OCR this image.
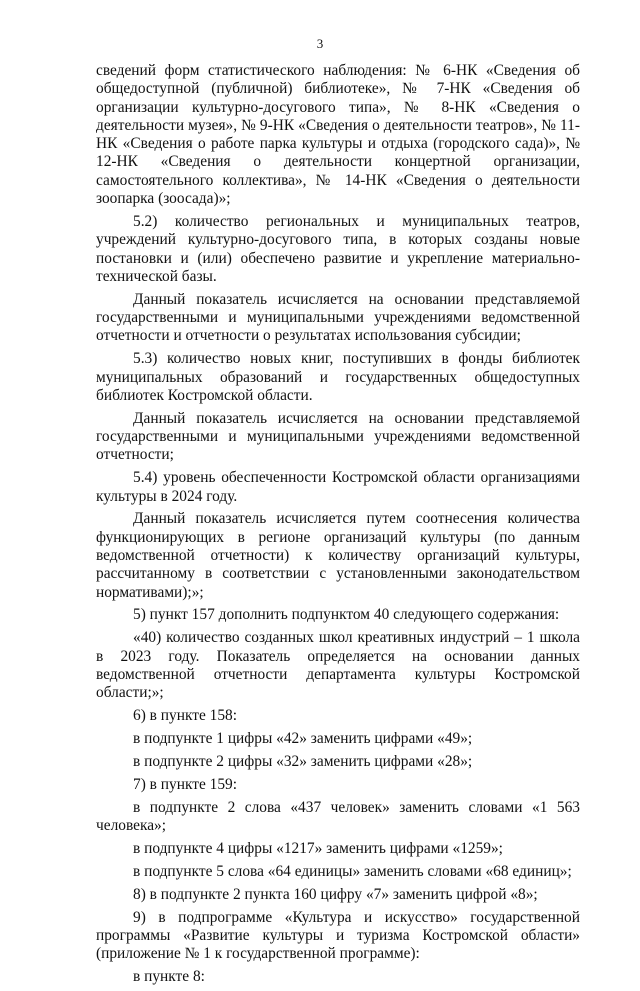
3

сведений форм статистического наблюдения: № 6-НК «Сведения об общедоступной (публичной) библиотеке», № 7-НК «Сведения об организации культурно-досугового типа», № 8-НК «Сведения о деятельности музея», № 9-НК «Сведения о деятельности театров», № 11-НК «Сведения о работе парка культуры и отдыха (городского сада)», № 12-НК «Сведения о деятельности концертной организации, самостоятельного коллектива», № 14-НК «Сведения о деятельности зоопарка (зоосада)»;

5.2) количество региональных и муниципальных театров, учреждений культурно-досугового типа, в которых созданы новые постановки и (или) обеспечено развитие и укрепление материально-технической базы.

Данный показатель исчисляется на основании представляемой государственными и муниципальными учреждениями ведомственной отчетности и отчетности о результатах использования субсидии;

5.3) количество новых книг, поступивших в фонды библиотек муниципальных образований и государственных общедоступных библиотек Костромской области.

Данный показатель исчисляется на основании представляемой государственными и муниципальными учреждениями ведомственной отчетности;

5.4) уровень обеспеченности Костромской области организациями культуры в 2024 году.

Данный показатель исчисляется путем соотнесения количества функционирующих в регионе организаций культуры (по данным ведомственной отчетности) к количеству организаций культуры, рассчитанному в соответствии с установленными законодательством нормативами);»;

5) пункт 157 дополнить подпунктом 40 следующего содержания:

«40) количество созданных школ креативных индустрий – 1 школа в 2023 году. Показатель определяется на основании данных ведомственной отчетности департамента культуры Костромской области;»;

6) в пункте 158:

в подпункте 1 цифры «42» заменить цифрами «49»;

в подпункте 2 цифры «32» заменить цифрами «28»;

7) в пункте 159:

в подпункте 2 слова «437 человек» заменить словами «1 563 человека»;

в подпункте 4 цифры «1217» заменить цифрами «1259»;

в подпункте 5 слова «64 единицы» заменить словами «68 единиц»;

8) в подпункте 2 пункта 160 цифру «7» заменить цифрой «8»;

9) в подпрограмме «Культура и искусство» государственной программы «Развитие культуры и туризма Костромской области» (приложение № 1 к государственной программе):

в пункте 8:
